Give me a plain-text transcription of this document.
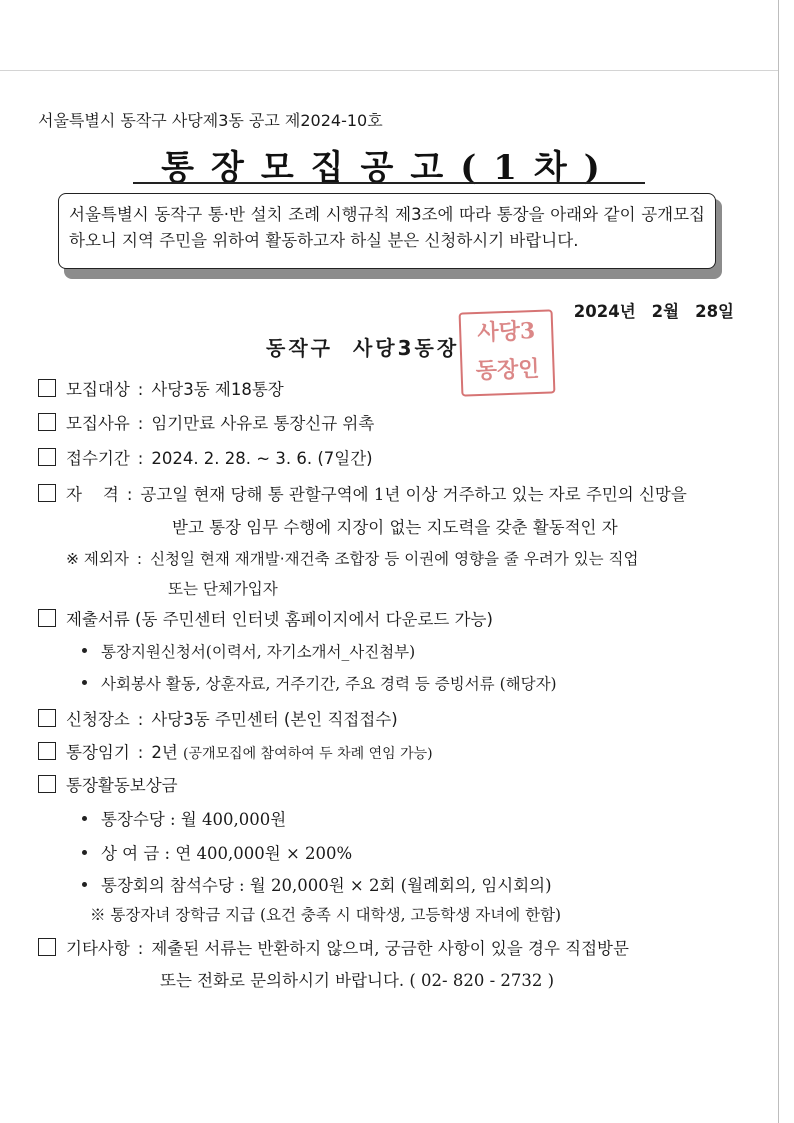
서울특별시 동작구 사당제3동 공고 제2024-10호
통장모집공고(1차)
서울특별시 동작구 통·반 설치 조례 시행규칙 제3조에 따라 통장을 아래와 같이 공개모집 하오니 지역 주민을 위하여 활동하고자 하실 분은 신청하시기 바랍니다.
2024년 2월 28일
동작구 사당3동장
사당3
동장인
모집대상 : 사당3동 제18통장
모집사유 : 임기만료 사유로 통장신규 위촉
접수기간 : 2024. 2. 28. ~ 3. 6. (7일간)
자    격 : 공고일 현재 당해 통 관할구역에 1년 이상 거주하고 있는 자로 주민의 신망을
받고 통장 임무 수행에 지장이 없는 지도력을 갖춘 활동적인 자
※ 제외자 : 신청일 현재 재개발·재건축 조합장 등 이권에 영향을 줄 우려가 있는 직업
또는 단체가입자
제출서류 (동 주민센터 인터넷 홈페이지에서 다운로드 가능)
통장지원신청서(이력서, 자기소개서_사진첨부)
사회봉사 활동, 상훈자료, 거주기간, 주요 경력 등 증빙서류 (해당자)
신청장소 : 사당3동 주민센터 (본인 직접접수)
통장임기 : 2년 (공개모집에 참여하여 두 차례 연임 가능)
통장활동보상금
통장수당 : 월 400,000원
상 여 금 : 연 400,000원 × 200%
통장회의 참석수당 : 월 20,000원 × 2회 (월례회의, 임시회의)
※ 통장자녀 장학금 지급 (요건 충족 시 대학생, 고등학생 자녀에 한함)
기타사항 : 제출된 서류는 반환하지 않으며, 궁금한 사항이 있을 경우 직접방문
또는 전화로 문의하시기 바랍니다. ( 02- 820 - 2732 )
